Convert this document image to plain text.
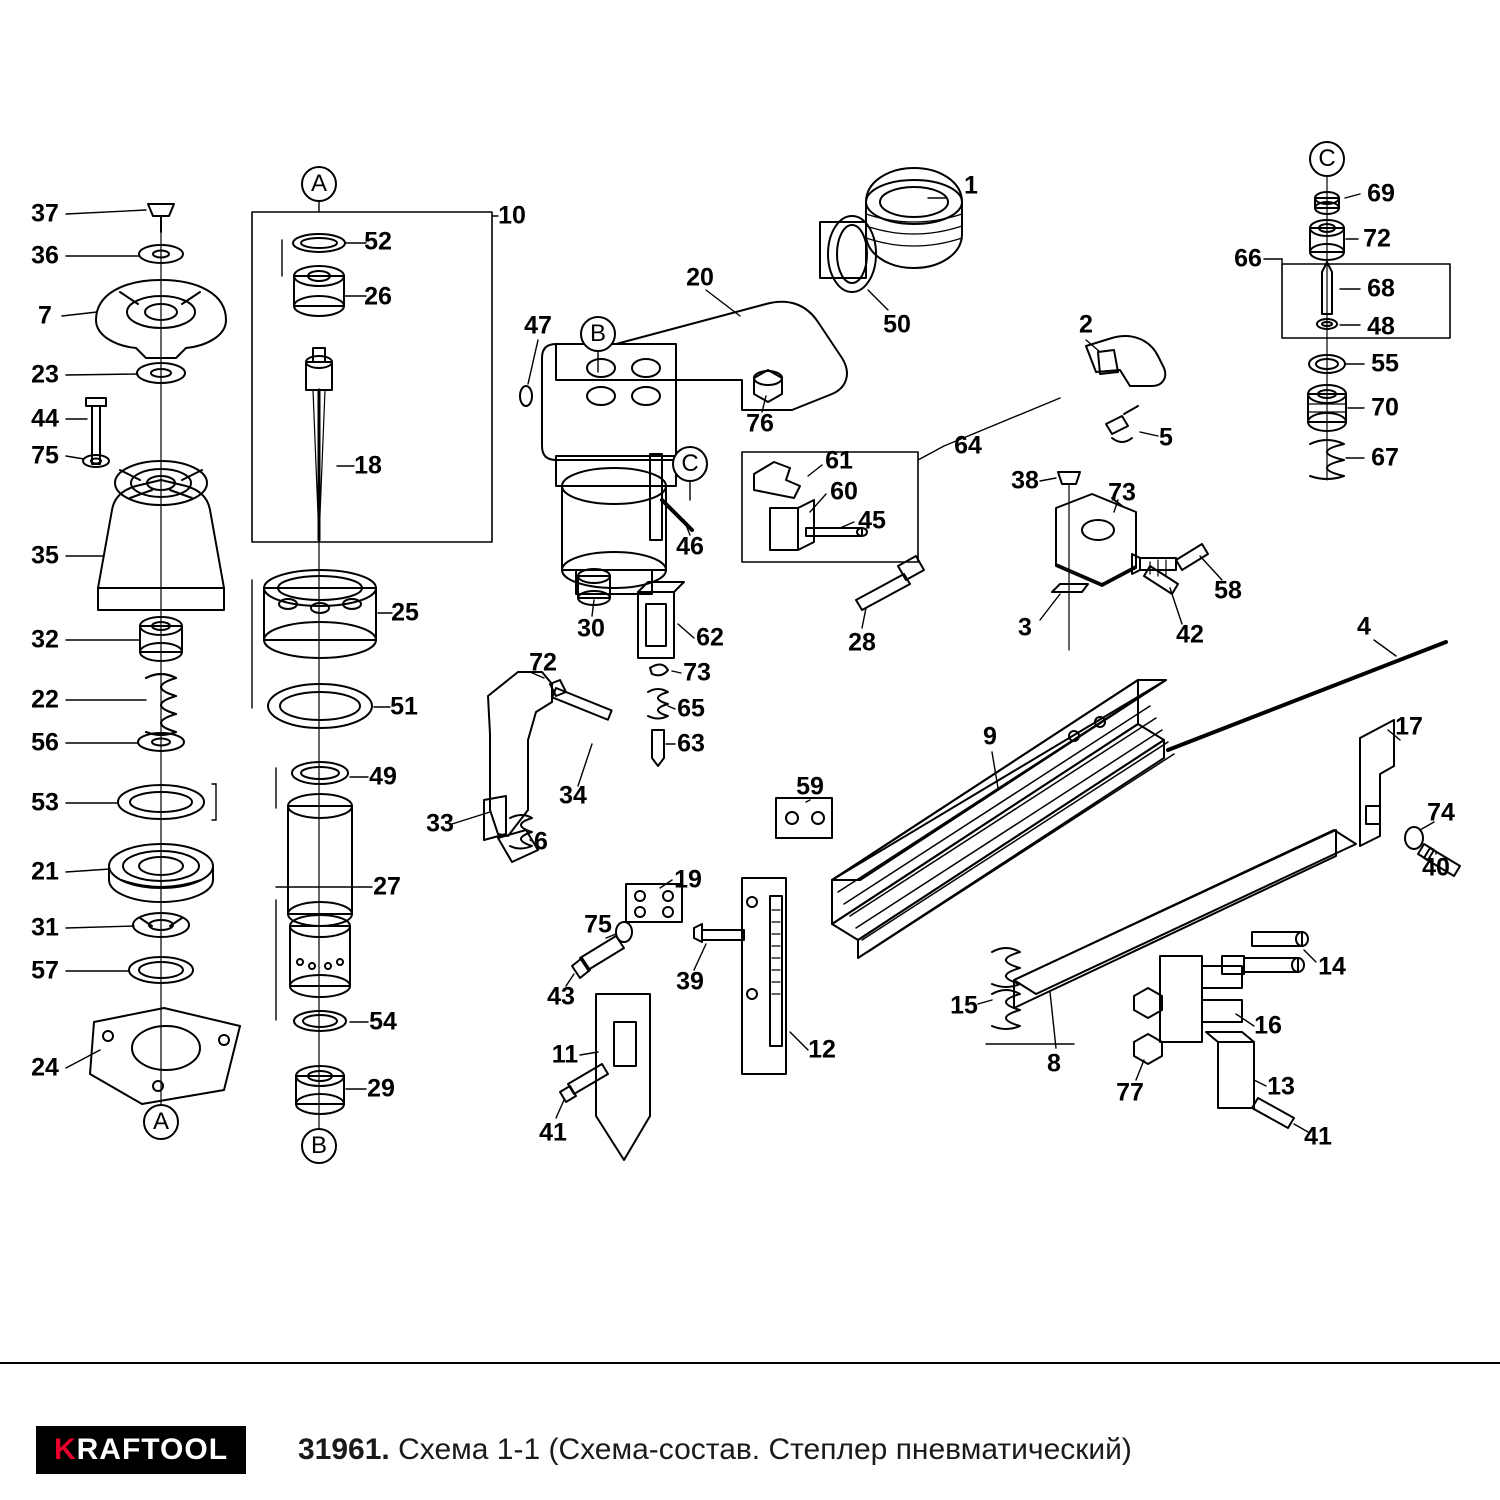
A
A
B
B
C
C
37
36
7
23
44
75
35
32
22
56
53
21
31
57
24
52
26
10
18
25
51
49
27
54
29
47
20
1
50
76
46
30	62
73
65
63
61
60
45
64
28
2
5
38	73
3	42
58
69
72
66
68
48
55
70
67
72
34
33
6
19
75
43
39
11
41
12
59
9
4
17
74
40
15
8
14
16
77	13
41
K RAFTOOL 31961. Схема 1-1 (Схема-состав. Степлер пневматический)
